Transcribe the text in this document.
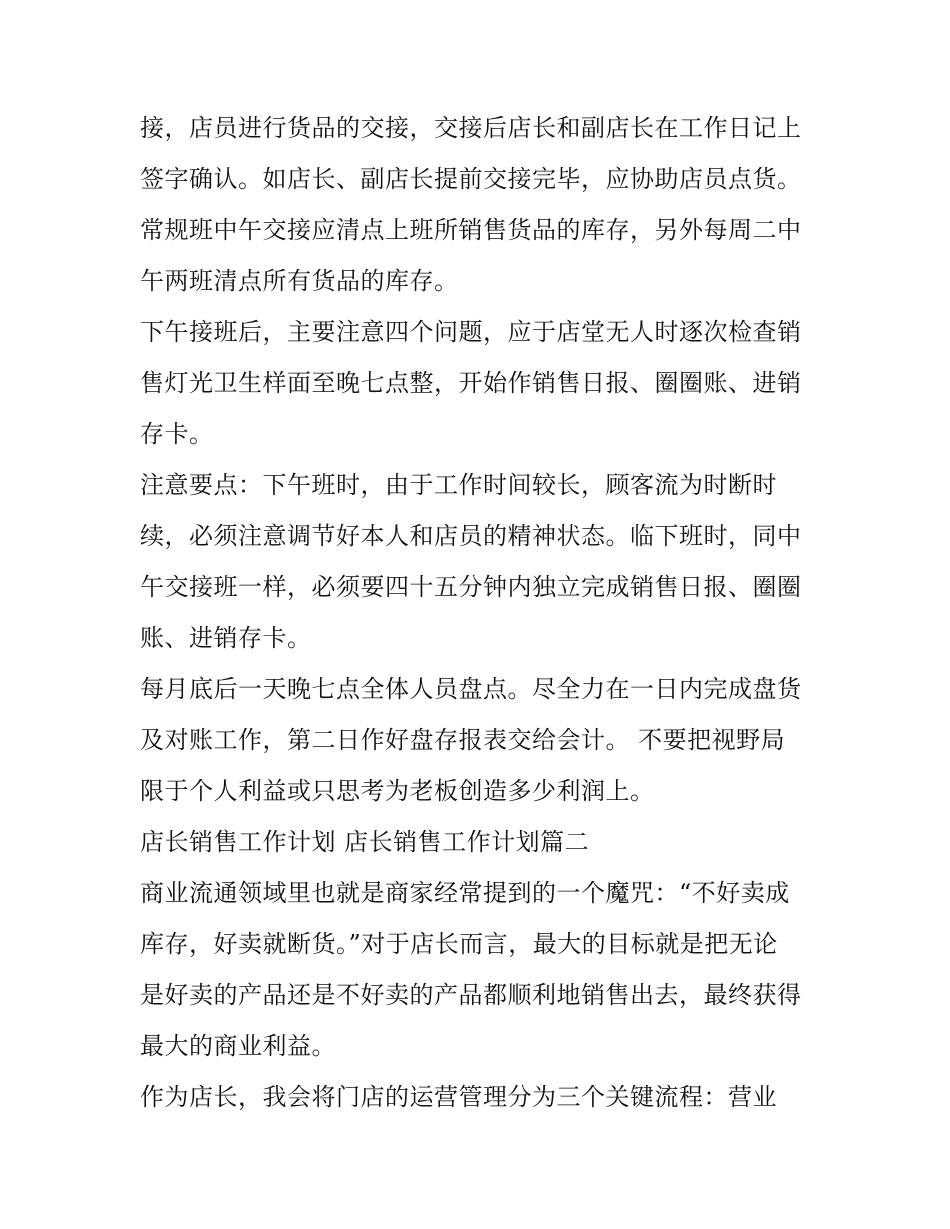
接，店员进行货品的交接，交接后店长和副店长在工作日记上
签字确认。如店长、副店长提前交接完毕，应协助店员点货。
常规班中午交接应清点上班所销售货品的库存，另外每周二中
午两班清点所有货品的库存。
下午接班后，主要注意四个问题，应于店堂无人时逐次检查销
售灯光卫生样面至晚七点整，开始作销售日报、圈圈账、进销
存卡。
注意要点：下午班时，由于工作时间较长，顾客流为时断时
续，必须注意调节好本人和店员的精神状态。临下班时，同中
午交接班一样，必须要四十五分钟内独立完成销售日报、圈圈
账、进销存卡。
每月底后一天晚七点全体人员盘点。尽全力在一日内完成盘货
及对账工作，第二日作好盘存报表交给会计。 不要把视野局
限于个人利益或只思考为老板创造多少利润上。
店长销售工作计划 店长销售工作计划篇二
商业流通领域里也就是商家经常提到的一个魔咒：“不好卖成
库存，好卖就断货。”对于店长而言，最大的目标就是把无论
是好卖的产品还是不好卖的产品都顺利地销售出去，最终获得
最大的商业利益。
作为店长，我会将门店的运营管理分为三个关键流程：营业
